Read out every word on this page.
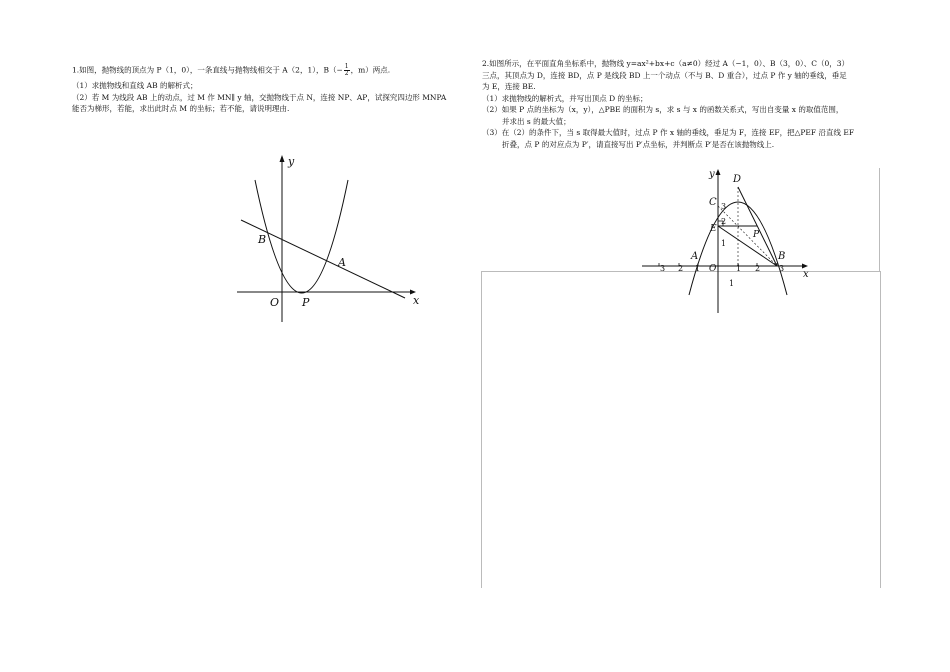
1.如图，抛物线的顶点为 P（1，0），一条直线与抛物线相交于 A（2，1），$B(- \frac{1}{2}$ ，m）两点.

（1）求抛物线和直线 AB 的解析式；

（2）若 M 为线段 AB 上的动点，过 M 作 MN∥ y 轴，交抛物线于点 N，连接 NP、AP，试探究四边形 MNPA

能否为梯形，若能，求出此时点 M 的坐标；若不能，请说明理由.

y
x
B
A
O P

2.如图所示，在平面直角坐标系中，抛物线 y=ax²+bx+c（a≠0）经过 A（−1，0）、B（3，0）、C（0，3）

三点，其顶点为 D，连接 BD，点 P 是线段 BD 上一个动点（不与 B、D 重合），过点 P 作 y 轴的垂线，垂足

为 E，连接 BE.

（1）求抛物线的解析式，并写出顶点 D 的坐标；

（2）如果 P 点的坐标为（x，y），△PBE 的面积为 s，求 s 与 x 的函数关系式，写出自变量 x 的取值范围，

并求出 s 的最大值；

（3）在（2）的条件下，当 s 取得最大值时，过点 P 作 x 轴的垂线，垂足为 F，连接 EF，把△PEF 沿直线 EF

折叠，点 P 的对应点为 P′，请直接写出 P′点坐标，并判断点 P′是否在该抛物线上.

y
x
D
C
E
P
A	B
O
3
2
1
3 2 1	1 2 3
1
